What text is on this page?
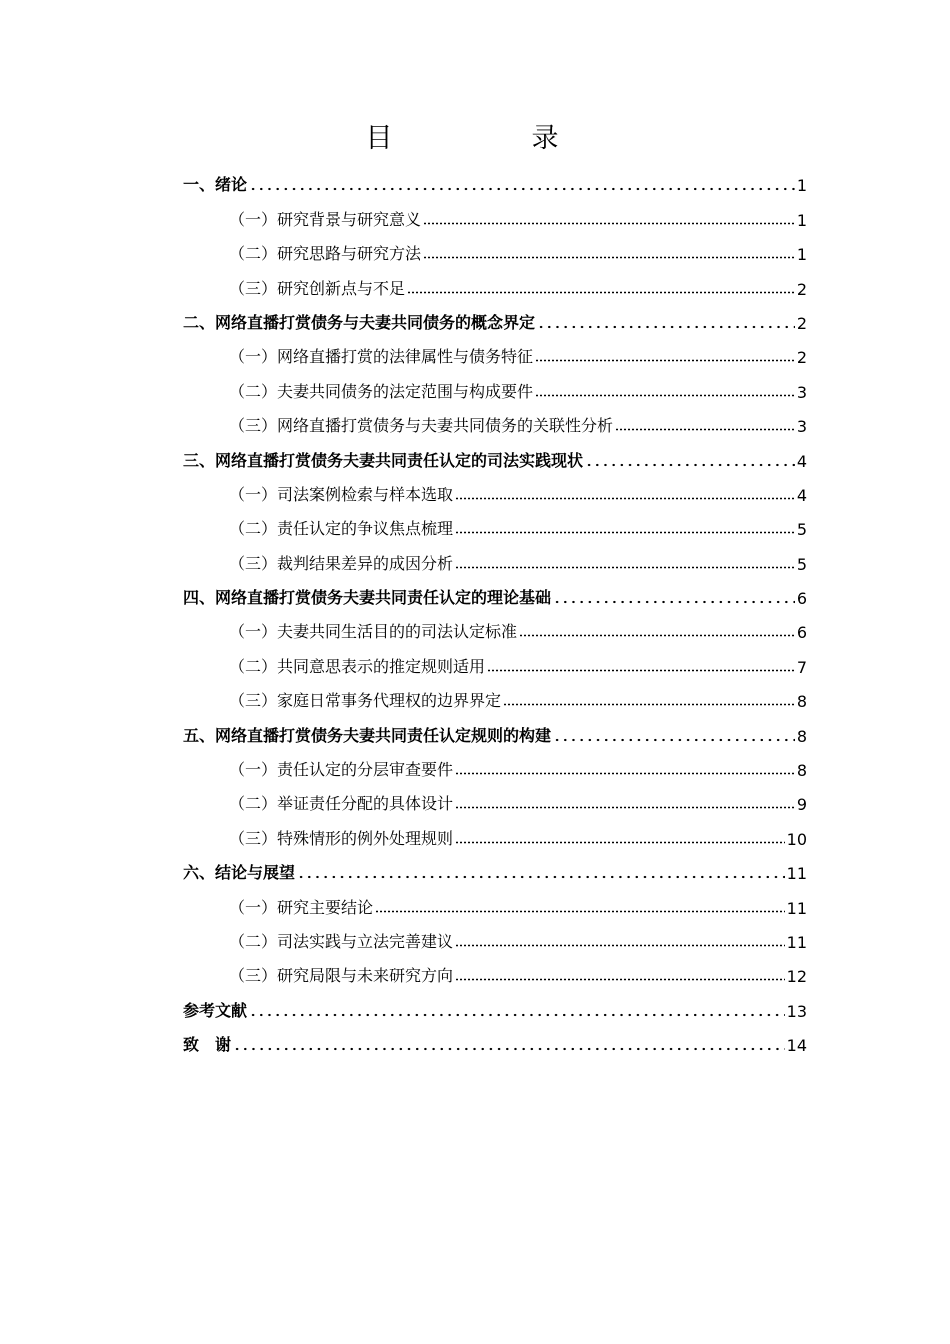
目　录
一、绪论	1
（一）研究背景与研究意义	1
（二）研究思路与研究方法	1
（三）研究创新点与不足	2
二、网络直播打赏债务与夫妻共同债务的概念界定	2
（一）网络直播打赏的法律属性与债务特征	2
（二）夫妻共同债务的法定范围与构成要件	3
（三）网络直播打赏债务与夫妻共同债务的关联性分析	3
三、网络直播打赏债务夫妻共同责任认定的司法实践现状	4
（一）司法案例检索与样本选取	4
（二）责任认定的争议焦点梳理	5
（三）裁判结果差异的成因分析	5
四、网络直播打赏债务夫妻共同责任认定的理论基础	6
（一）夫妻共同生活目的的司法认定标准	6
（二）共同意思表示的推定规则适用	7
（三）家庭日常事务代理权的边界界定	8
五、网络直播打赏债务夫妻共同责任认定规则的构建	8
（一）责任认定的分层审查要件	8
（二）举证责任分配的具体设计	9
（三）特殊情形的例外处理规则	10
六、结论与展望	11
（一）研究主要结论	11
（二）司法实践与立法完善建议	11
（三）研究局限与未来研究方向	12
参考文献	13
致　谢	14
